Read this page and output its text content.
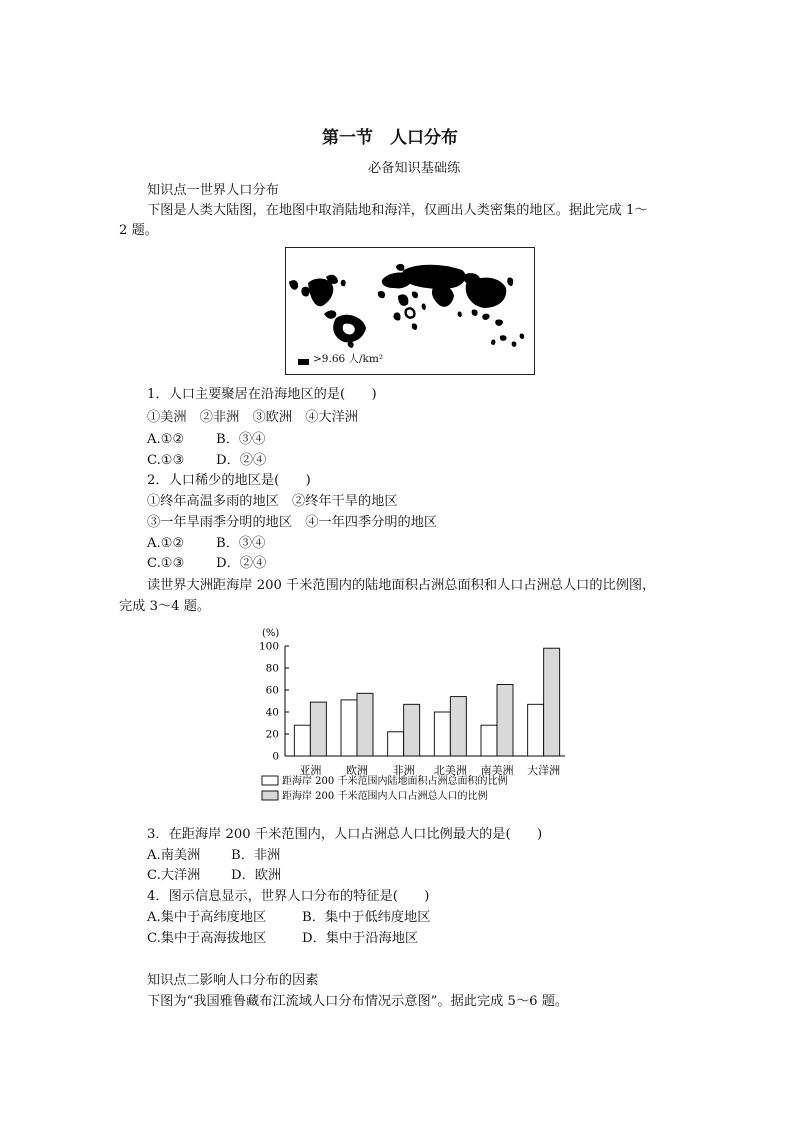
第一节　人口分布
必备知识基础练
知识点一世界人口分布
下图是人类大陆图，在地图中取消陆地和海洋，仅画出人类密集的地区。据此完成 1～
2 题。
>9.66 人/km²
1．人口主要聚居在沿海地区的是(　　)
①美洲　②非洲　③欧洲　④大洋洲
A.①② B．③④
C.①③ D．②④
2．人口稀少的地区是(　　)
①终年高温多雨的地区　②终年干旱的地区
③一年旱雨季分明的地区　④一年四季分明的地区
A.①② B．③④
C.①③ D．②④
读世界大洲距海岸 200 千米范围内的陆地面积占洲总面积和人口占洲总人口的比例图，
完成 3～4 题。
(%)
0
20
40
60
80
100
亚洲 欧洲 非洲 北美洲 南美洲 大洋洲
距海岸 200 千米范围内陆地面积占洲总面积的比例
距海岸 200 千米范围内人口占洲总人口的比例
3．在距海岸 200 千米范围内，人口占洲总人口比例最大的是(　　)
A.南美洲 B．非洲
C.大洋洲 D．欧洲
4．图示信息显示，世界人口分布的特征是(　　)
A.集中于高纬度地区	B．集中于低纬度地区
C.集中于高海拔地区	D．集中于沿海地区
知识点二影响人口分布的因素
下图为“我国雅鲁藏布江流域人口分布情况示意图”。据此完成 5～6 题。
